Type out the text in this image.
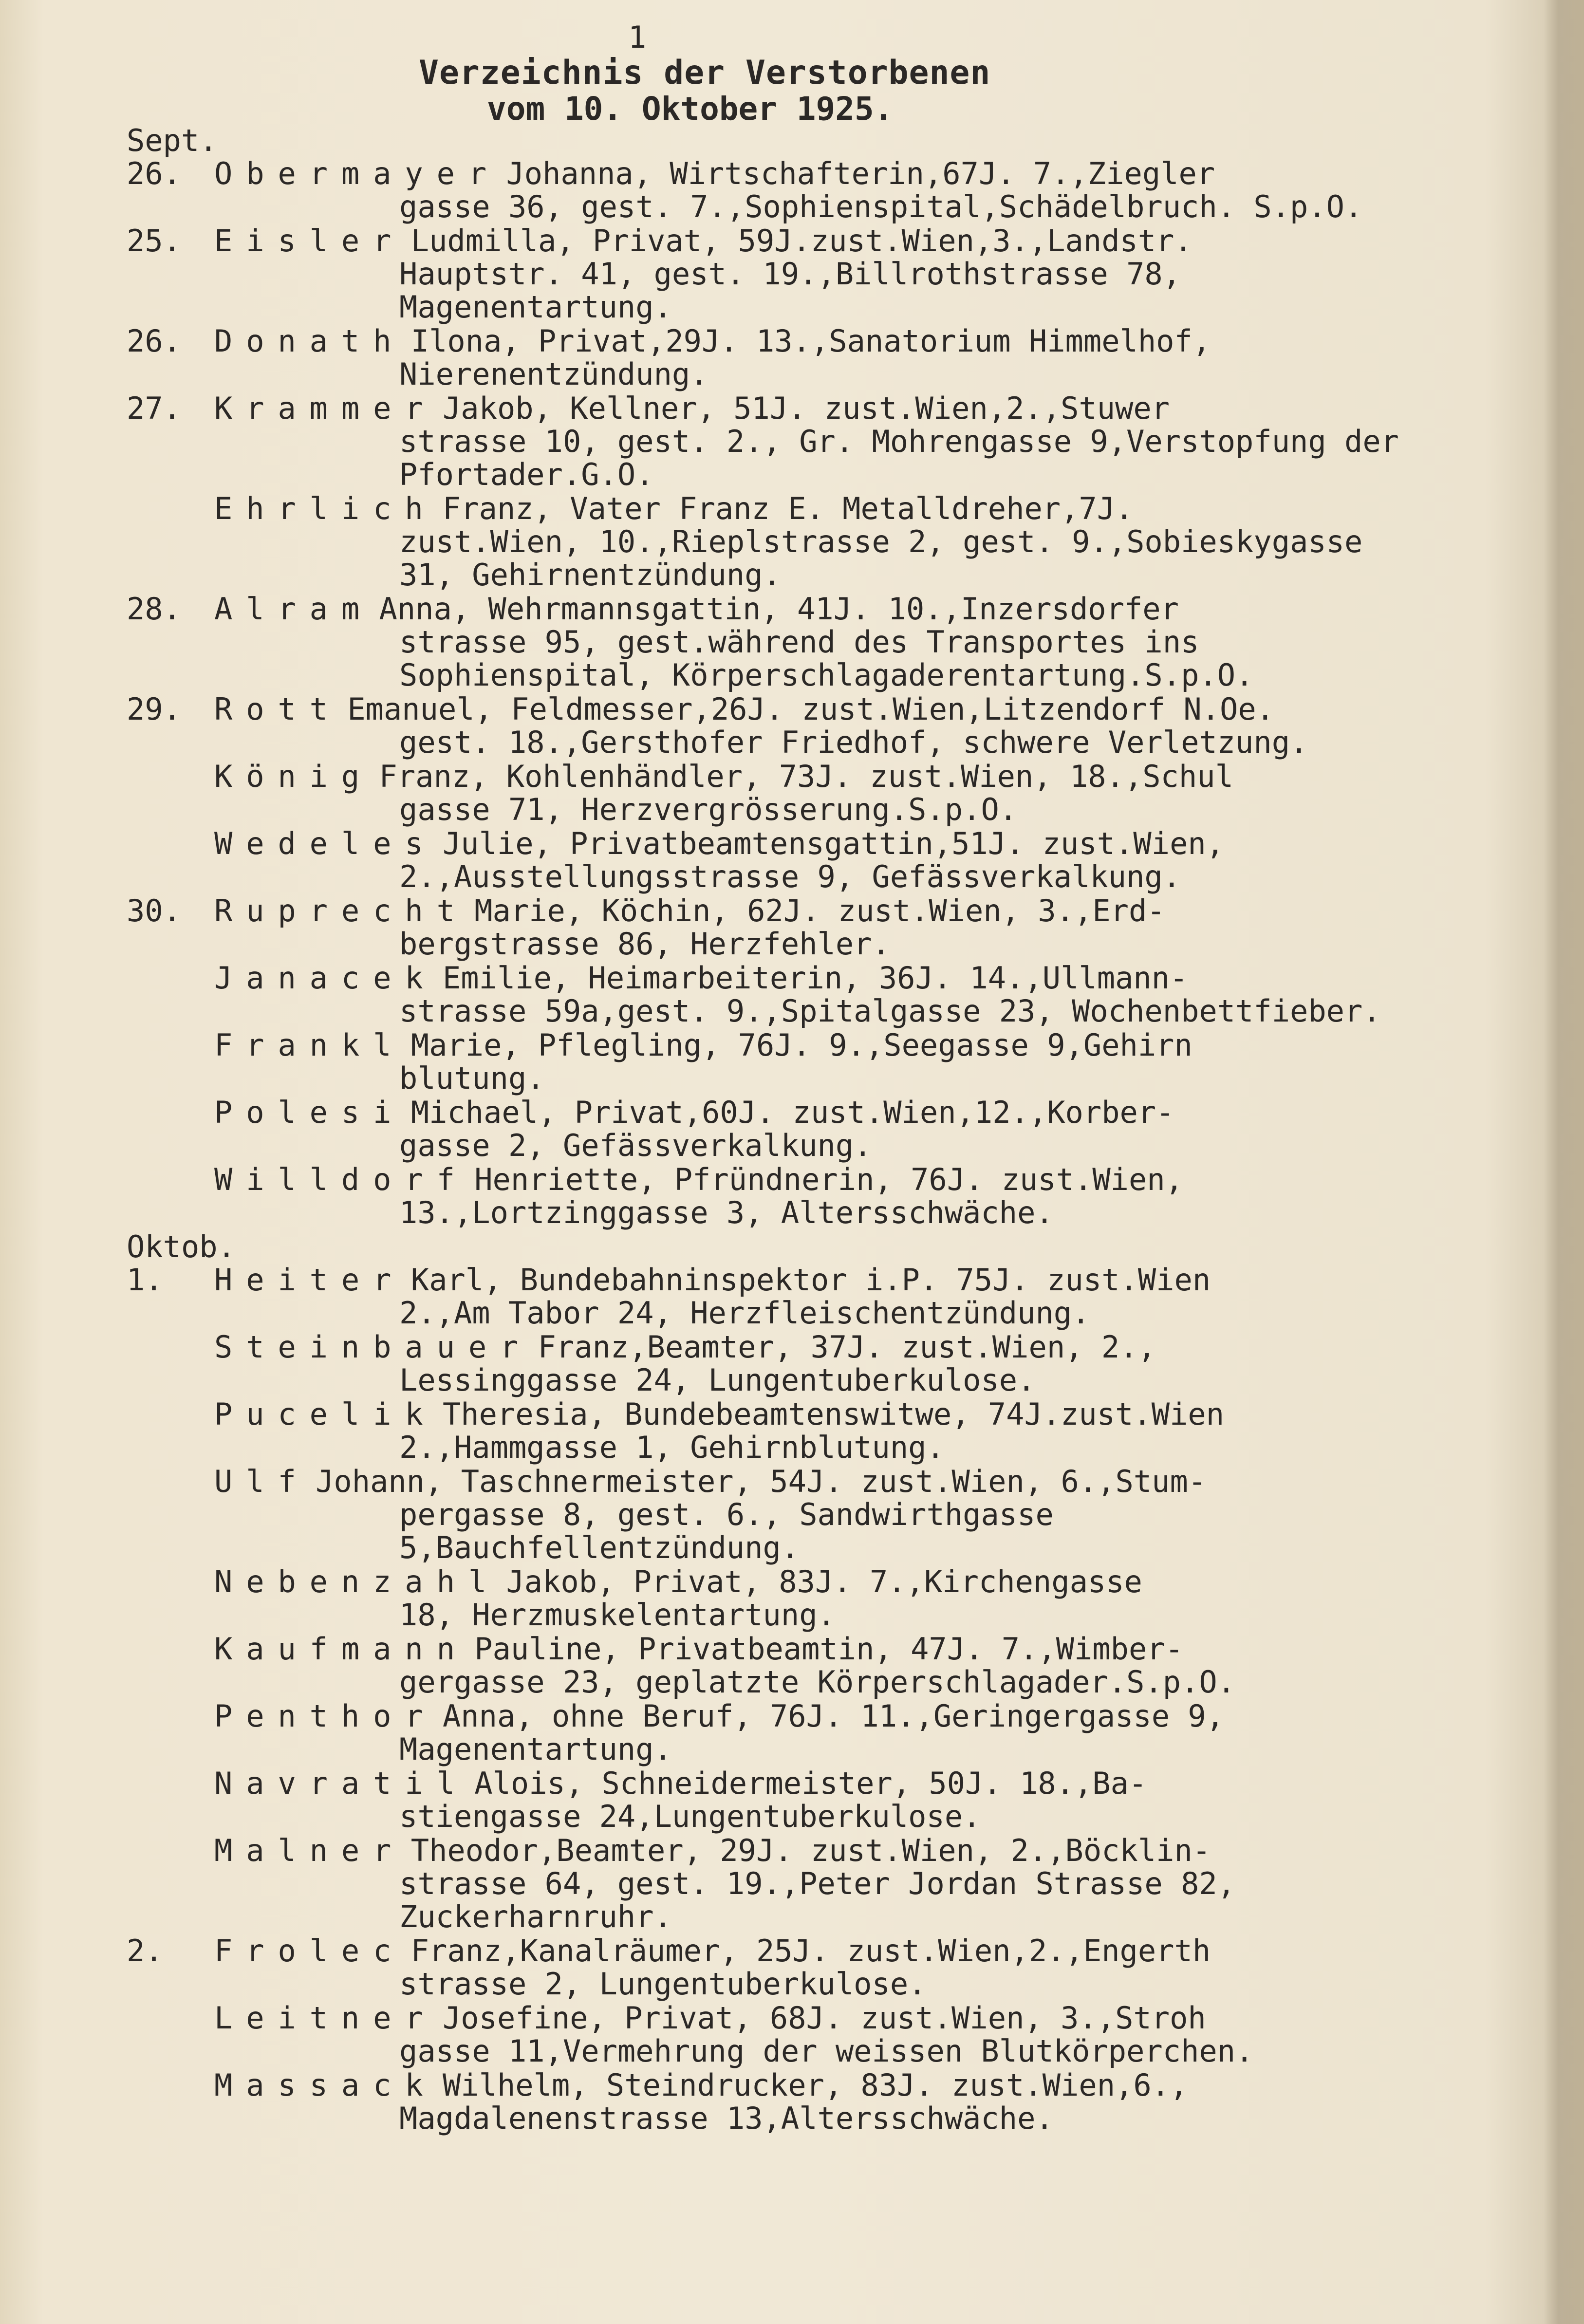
1

Verzeichnis der Verstorbenen

vom 10. Oktober 1925.

Sept.
26. Obermayer Johanna, Wirtschafterin,67J. 7.,Ziegler
gasse 36, gest. 7.,Sophienspital,Schädelbruch. S.p.O.
25. Eisler Ludmilla, Privat, 59J.zust.Wien,3.,Landstr.
Hauptstr. 41, gest. 19.,Billrothstrasse 78, Magenentartung.
26. Donath Ilona, Privat,29J. 13.,Sanatorium Himmelhof,
Nierenentzündung.
27. Krammer Jakob, Kellner, 51J. zust.Wien,2.,Stuwer
strasse 10, gest. 2., Gr. Mohrengasse 9,Verstopfung der Pfortader.G.O.
Ehrlich Franz, Vater Franz E. Metalldreher,7J.
zust.Wien, 10.,Rieplstrasse 2, gest. 9.,Sobieskygasse 31, Gehirnentzündung.
28. Alram Anna, Wehrmannsgattin, 41J. 10.,Inzersdorfer
strasse 95, gest.während des Transportes ins Sophienspital, Körperschlagaderentartung.S.p.O.
29. Rott Emanuel, Feldmesser,26J. zust.Wien,Litzendorf N.Oe.
gest. 18.,Gersthofer Friedhof, schwere Verletzung.
König Franz, Kohlenhändler, 73J. zust.Wien, 18.,Schul
gasse 71, Herzvergrösserung.S.p.O.
Wedeles Julie, Privatbeamtensgattin,51J. zust.Wien,
2.,Ausstellungsstrasse 9, Gefässverkalkung.
30. Ruprecht Marie, Köchin, 62J. zust.Wien, 3.,Erd-
bergstrasse 86, Herzfehler.
Janacek Emilie, Heimarbeiterin, 36J. 14.,Ullmann-
strasse 59a,gest. 9.,Spitalgasse 23, Wochenbettfieber.
Frankl Marie, Pflegling, 76J. 9.,Seegasse 9,Gehirn
blutung.
Polesi Michael, Privat,60J. zust.Wien,12.,Korber-
gasse 2, Gefässverkalkung.
Willdorf Henriette, Pfründnerin, 76J. zust.Wien,
13.,Lortzinggasse 3, Altersschwäche.
Oktob.
1. Heiter Karl, Bundebahninspektor i.P. 75J. zust.Wien
2.,Am Tabor 24, Herzfleischentzündung.
Steinbauer Franz,Beamter, 37J. zust.Wien, 2.,
Lessinggasse 24, Lungentuberkulose.
Pucelik Theresia, Bundebeamtenswitwe, 74J.zust.Wien
2.,Hammgasse 1, Gehirnblutung.
Ulf Johann, Taschnermeister, 54J. zust.Wien, 6.,Stum-
pergasse 8, gest. 6., Sandwirthgasse 5,Bauchfellentzündung.
Nebenzahl Jakob, Privat, 83J. 7.,Kirchengasse
18, Herzmuskelentartung.
Kaufmann Pauline, Privatbeamtin, 47J. 7.,Wimber-
gergasse 23, geplatzte Körperschlagader.S.p.O.
Penthor Anna, ohne Beruf, 76J. 11.,Geringergasse 9,
Magenentartung.
Navratil Alois, Schneidermeister, 50J. 18.,Ba-
stiengasse 24,Lungentuberkulose.
Malner Theodor,Beamter, 29J. zust.Wien, 2.,Böcklin-
strasse 64, gest. 19.,Peter Jordan Strasse 82, Zuckerharnruhr.
2. Frolec Franz,Kanalräumer, 25J. zust.Wien,2.,Engerth
strasse 2, Lungentuberkulose.
Leitner Josefine, Privat, 68J. zust.Wien, 3.,Stroh
gasse 11,Vermehrung der weissen Blutkörperchen.
Massack Wilhelm, Steindrucker, 83J. zust.Wien,6.,
Magdalenenstrasse 13,Altersschwäche.
